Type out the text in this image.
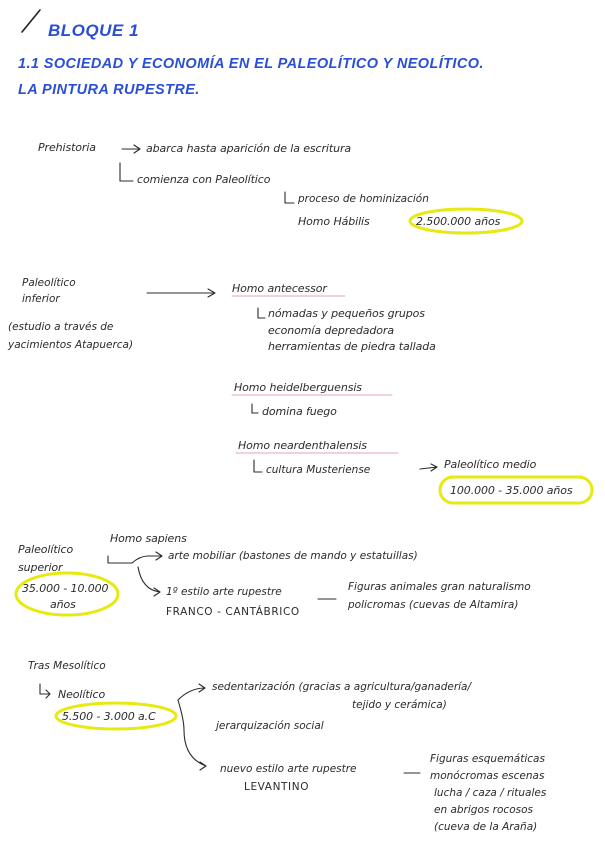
BLOQUE 1
1.1 SOCIEDAD Y ECONOMÍA EN EL PALEOLÍTICO Y NEOLÍTICO.
LA PINTURA RUPESTRE.
Prehistoria	abarca hasta aparición de la escritura
comienza con Paleolítico
proceso de hominización
Homo Hábilis	2.500.000 años
Paleolítico
inferior
(estudio a través de
yacimientos Atapuerca)
Homo antecessor
nómadas y pequeños grupos
economía depredadora
herramientas de piedra tallada
Homo heidelberguensis
domina fuego
Homo neardenthalensis
cultura Musteriense	Paleolítico medio
100.000 - 35.000 años
Homo sapiens
Paleolítico
superior
35.000 - 10.000
años
arte mobiliar (bastones de mando y estatuillas)
1º estilo arte rupestre
FRANCO - CANTÁBRICO
Figuras animales gran naturalismo
policromas (cuevas de Altamira)
Tras Mesolítico
Neolítico
5.500 - 3.000 a.C
sedentarización (gracias a agricultura/ganadería/
tejido y cerámica)
jerarquización social
nuevo estilo arte rupestre
LEVANTINO
Figuras esquemáticas
monócromas escenas
lucha / caza / rituales
en abrigos rocosos
(cueva de la Araña)
